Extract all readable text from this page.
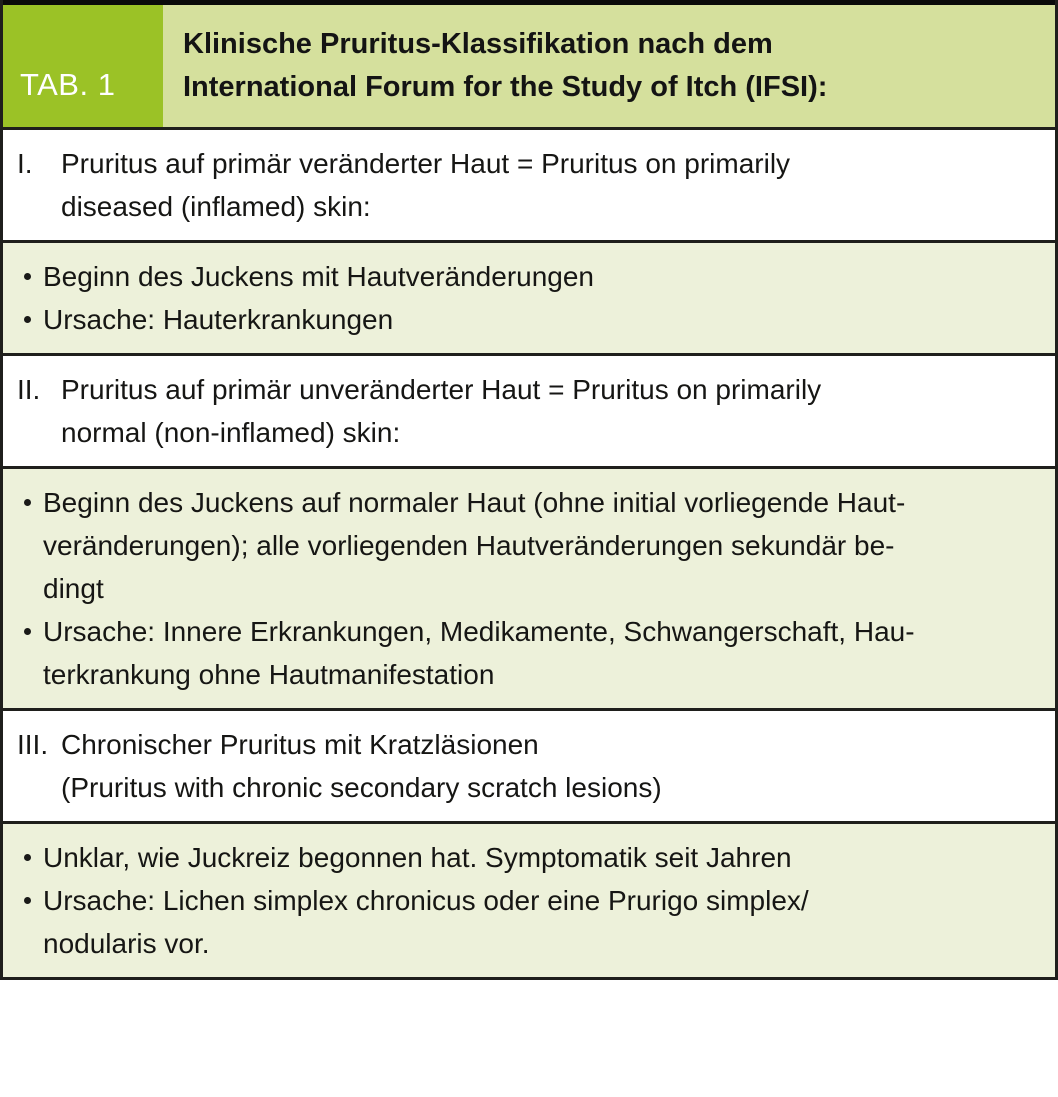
TAB. 1
Klinische Pruritus-Klassifikation nach dem
International Forum for the Study of Itch (IFSI):
I.	Pruritus auf primär veränderter Haut = Pruritus on primarily
diseased (inflamed) skin:
Beginn des Juckens mit Hautveränderungen
Ursache: Hauterkrankungen
II. Pruritus auf primär unveränderter Haut = Pruritus on primarily
normal (non-inflamed) skin:
Beginn des Juckens auf normaler Haut (ohne initial vorliegende Haut-
veränderungen); alle vorliegenden Hautveränderungen sekundär be-
dingt
Ursache: Innere Erkrankungen, Medikamente, Schwangerschaft, Hau-
terkrankung ohne Hautmanifestation
III. Chronischer Pruritus mit Kratzläsionen
(Pruritus with chronic secondary scratch lesions)
Unklar, wie Juckreiz begonnen hat. Symptomatik seit Jahren
Ursache: Lichen simplex chronicus oder eine Prurigo simplex/
nodularis vor.
